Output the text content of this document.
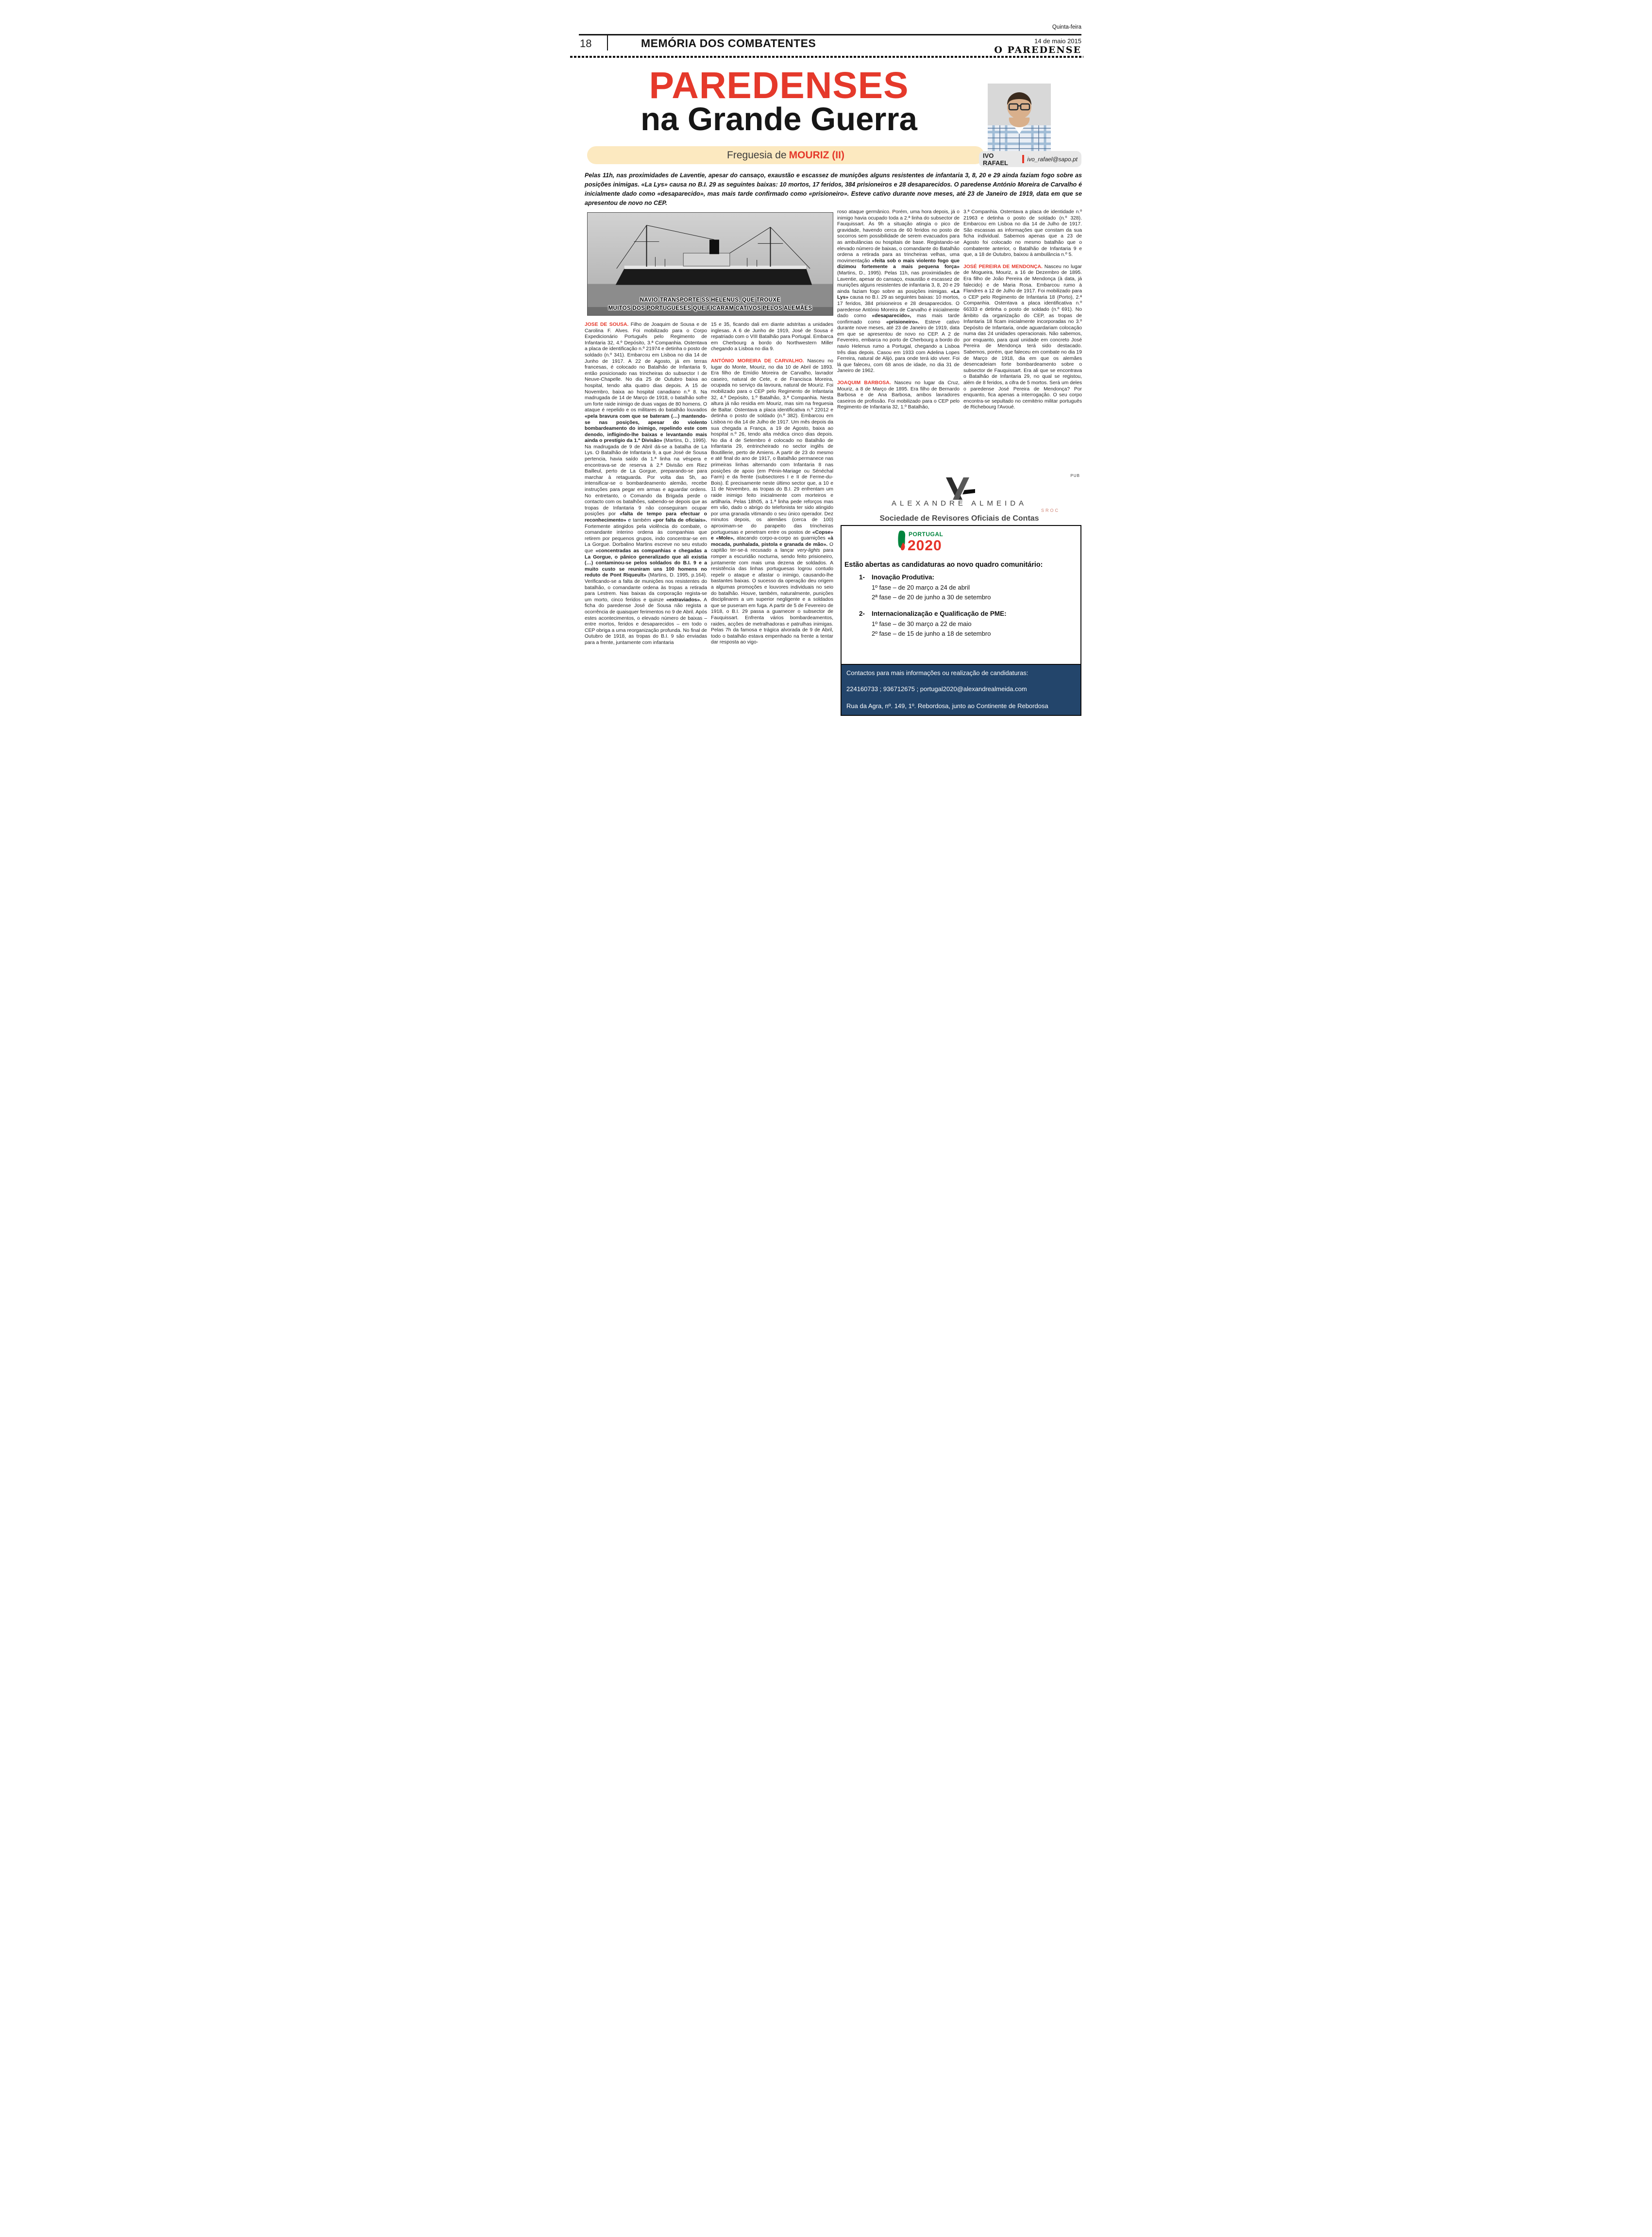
18	MEMÓRIA DOS COMBATENTES
Quinta-feira
14 de maio 2015
O PAREDENSE
PAREDENSES
na Grande Guerra
Freguesia de MOURIZ (II)	IVO RAFAEL	ivo_rafael@sapo.pt
Pelas 11h, nas proximidades de Laventie, apesar do cansaço, exaustão e escassez de munições alguns resistentes de infantaria 3, 8, 20 e 29 ainda faziam fogo sobre as posições inimigas. «La Lys» causa no B.I. 29 as seguintes baixas: 10 mortos, 17 feridos, 384 prisioneiros e 28 desaparecidos. O paredense António Moreira de Carvalho é inicialmente dado como «desaparecido», mas mais tarde confirmado como «prisioneiro». Esteve cativo durante nove meses, até 23 de Janeiro de 1919, data em que se apresentou de novo no CEP.
NAVIO-TRANSPORTE SS HELENUS, QUE TROUXE
MUITOS DOS PORTUGUESES QUE FICARAM CATIVOS PELOS ALEMÃES

JOSÉ DE SOUSA. Filho de Joaquim de Sousa e de Carolina F. Alves. Foi mobilizado para o Corpo Expedicionário Português pelo Regimento de Infantaria 32, 4.º Depósito, 3.ª Companhia. Ostentava a placa de identificação n.º 21974 e detinha o posto de soldado (n.º 341). Embarcou em Lisboa no dia 14 de Junho de 1917. A 22 de Agosto, já em terras francesas, é colocado no Batalhão de Infantaria 9, então posicionado nas trincheiras do subsector I de Neuve-Chapelle. No dia 25 de Outubro baixa ao hospital, tendo alta quatro dias depois. A 15 de Novembro, baixa ao hospital canadiano n.º 8. Na madrugada de 14 de Março de 1918, o batalhão sofre um forte raide inimigo de duas vagas de 80 homens. O ataque é repelido e os militares do batalhão louvados «pela bravura com que se bateram (…) mantendo-se nas posições, apesar do violento bombardeamento do inimigo, repelindo este com denodo, infligindo-lhe baixas e levantando mais ainda o prestígio da 1.ª Divisão» (Martins, D., 1995). Na madrugada de 9 de Abril dá-se a batalha de La Lys. O Batalhão de Infantaria 9, a que José de Sousa pertencia, havia saído da 1.ª linha na véspera e encontrava-se de reserva à 2.ª Divisão em Riez Bailleul, perto de La Gorgue, preparando-se para marchar à retaguarda. Por volta das 5h, ao intensificar-se o bombardeamento alemão, recebe instruções para pegar em armas e aguardar ordens. No entretanto, o Comando da Brigada perde o contacto com os batalhões, sabendo-se depois que as tropas de Infantaria 9 não conseguiram ocupar posições por «falta de tempo para efectuar o reconhecimento» e também «por falta de oficiais». Fortemente atingidos pela violência do combate, o comandante interino ordena às companhias que retirem por pequenos grupos, indo concentrar-se em La Gorgue. Dorbalino Martins escreve no seu estudo que «concentradas as companhias e chegadas a La Gorgue, o pânico generalizado que ali existia (…) contaminou-se pelos soldados do B.I. 9 e a muito custo se reuniram uns 100 homens no reduto de Pont Riqueult» (Martins, D. 1995, p.164). Verificando-se a falta de munições nos resistentes do batalhão, o comandante ordena às tropas a retirada para Lestrem. Nas baixas da corporação regista-se um morto, cinco feridos e quinze «extraviados». A ficha do paredense José de Sousa não regista a ocorrência de quaisquer ferimentos no 9 de Abril. Após estes acontecimentos, o elevado número de baixas – entre mortos, feridos e desaparecidos – em todo o CEP obriga a uma reorganização profunda. No final de Outubro de 1918, as tropas do B.I. 9 são enviadas para a frente, juntamente com infantaria

15 e 35, ficando dali em diante adstritas a unidades inglesas. A 6 de Junho de 1919, José de Sousa é repatriado com o VIII Batalhão para Portugal. Embarca em Cherbourg a bordo do Northwestern Miller chegando a Lisboa no dia 9.

ANTÓNIO MOREIRA DE CARVALHO. Nasceu no lugar do Monte, Mouriz, no dia 10 de Abril de 1893. Era filho de Emídio Moreira de Carvalho, lavrador caseiro, natural de Cete, e de Francisca Moreira, ocupada no serviço da lavoura, natural de Mouriz. Foi mobilizado para o CEP pelo Regimento de Infantaria 32, 4.º Depósito, 1.º Batalhão, 3.ª Companhia. Nesta altura já não residia em Mouriz, mas sim na freguesia de Baltar. Ostentava a placa identificativa n.º 22012 e detinha o posto de soldado (n.º 382). Embarcou em Lisboa no dia 14 de Julho de 1917. Um mês depois da sua chegada a França, a 19 de Agosto, baixa ao hospital n.º 26, tendo alta médica cinco dias depois. No dia 4 de Setembro é colocado no Batalhão de Infantaria 29, entrincheirado no sector inglês de Boutillerie, perto de Amiens. A partir de 23 do mesmo e até final do ano de 1917, o Batalhão permanece nas primeiras linhas alternando com Infantaria 8 nas posições de apoio (em Pénin-Mariage ou Sénéchal Farm) e da frente (subsectores I e II de Ferme-du-Bois). É precisamente neste último sector que, a 10 e 11 de Novembro, as tropas do B.I. 29 enfrentam um raide inimigo feito inicialmente com morteiros e artilharia. Pelas 18h05, a 1.ª linha pede reforços mas em vão, dado o abrigo do telefonista ter sido atingido por uma granada vitimando o seu único operador. Dez minutos depois, os alemães (cerca de 100) aproximam-se do parapeito das trincheiras portuguesas e penetram entre os postos de «Copse» e «Mole», atacando corpo-a-corpo as guarnições «à mocada, punhalada, pistola e granada de mão». O capitão ter-se-á recusado a lançar very-lights para romper a escuridão nocturna, sendo feito prisioneiro, juntamente com mais uma dezena de soldados. A resistência das linhas portuguesas logrou contudo repelir o ataque e afastar o inimigo, causando-lhe bastantes baixas. O sucesso da operação deu origem a algumas promoções e louvores individuais no seio do batalhão. Houve, também, naturalmente, punições disciplinares a um superior negligente e a soldados que se puseram em fuga. A partir de 5 de Fevereiro de 1918, o B.I. 29 passa a guarnecer o subsector de Fauquissart. Enfrenta vários bombardeamentos, raides, acções de metralhadoras e patrulhas inimigas. Pelas 7h da famosa e trágica alvorada de 9 de Abril, todo o batalhão estava empenhado na frente a tentar dar resposta ao vigo-

roso ataque germânico. Porém, uma hora depois, já o inimigo havia ocupado toda a 2.ª linha do subsector de Fauquissart. Às 9h a situação atingia o pico de gravidade, havendo cerca de 60 feridos no posto de socorros sem possibilidade de serem evacuados para as ambulâncias ou hospitais de base. Registando-se elevado número de baixas, o comandante do Batalhão ordena a retirada para as trincheiras velhas, uma movimentação «feita sob o mais violento fogo que dizimou fortemente a mais pequena força» (Martins, D., 1995). Pelas 11h, nas proximidades de Laventie, apesar do cansaço, exaustão e escassez de munições alguns resistentes de infantaria 3, 8, 20 e 29 ainda faziam fogo sobre as posições inimigas. «La Lys» causa no B.I. 29 as seguintes baixas: 10 mortos, 17 feridos, 384 prisioneiros e 28 desaparecidos. O paredense António Moreira de Carvalho é inicialmente dado como «desaparecido», mas mais tarde confirmado como «prisioneiro». Esteve cativo durante nove meses, até 23 de Janeiro de 1919, data em que se apresentou de novo no CEP. A 2 de Fevereiro, embarca no porto de Cherbourg a bordo do navio Helenus rumo a Portugal, chegando a Lisboa três dias depois. Casou em 1933 com Adelina Lopes Ferreira, natural de Alijó, para onde terá ido viver. Foi lá que faleceu, com 68 anos de idade, no dia 31 de Janeiro de 1962.

JOAQUIM BARBOSA. Nasceu no lugar da Cruz, Mouriz, a 8 de Março de 1895. Era filho de Bernardo Barbosa e de Ana Barbosa, ambos lavradores caseiros de profissão. Foi mobilizado para o CEP pelo Regimento de Infantaria 32, 1.º Batalhão,

3.ª Companhia. Ostentava a placa de identidade n.º 21963 e detinha o posto de soldado (n.º 328). Embarcou em Lisboa no dia 14 de Julho de 1917. São escassas as informações que constam da sua ficha individual. Sabemos apenas que a 23 de Agosto foi colocado no mesmo batalhão que o combatente anterior, o Batalhão de Infantaria 9 e que, a 18 de Outubro, baixou à ambulância n.º 5.

JOSÉ PEREIRA DE MENDONÇA. Nasceu no lugar de Mogueira, Mouriz, a 16 de Dezembro de 1895. Era filho de João Pereira de Mendonça (à data, já falecido) e de Maria Rosa. Embarcou rumo à Flandres a 12 de Julho de 1917. Foi mobilizado para o CEP pelo Regimento de Infantaria 18 (Porto), 2.ª Companhia. Ostentava a placa identificativa n.º 66333 e detinha o posto de soldado (n.º 691). No âmbito da organização do CEP, as tropas de Infantaria 18 ficam inicialmente incorporadas no 3.º Depósito de Infantaria, onde aguardariam colocação numa das 24 unidades operacionais. Não sabemos, por enquanto, para qual unidade em concreto José Pereira de Mendonça terá sido destacado. Sabemos, porém, que faleceu em combate no dia 19 de Março de 1918, dia em que os alemães desencadeiam forte bombardeamento sobre o subsector de Fauquissart. Era ali que se encontrava o Batalhão de Infantaria 29, no qual se registou, além de 8 feridos, a cifra de 5 mortos. Será um deles o paredense José Pereira de Mendonça? Por enquanto, fica apenas a interrogação. O seu corpo encontra-se sepultado no cemitério militar português de Richebourg l'Avoué.

PUB
ALEXANDRE ALMEIDA
SROC
Sociedade de Revisores Oficiais de Contas
PORTUGAL
2020
Estão abertas as candidaturas ao novo quadro comunitário:
1-	Inovação Produtiva:
1º fase – de 20 março a 24 de abril
2ª fase – de 20 de junho a 30 de setembro
2-	Internacionalização e Qualificação de PME:
1º fase – de 30 março a 22 de maio
2º fase – de 15 de junho a 18 de setembro
Contactos para mais informações ou realização de candidaturas:
224160733 ; 936712675 ; portugal2020@alexandrealmeida.com
Rua da Agra, nº. 149, 1º. Rebordosa, junto ao Continente de Rebordosa
